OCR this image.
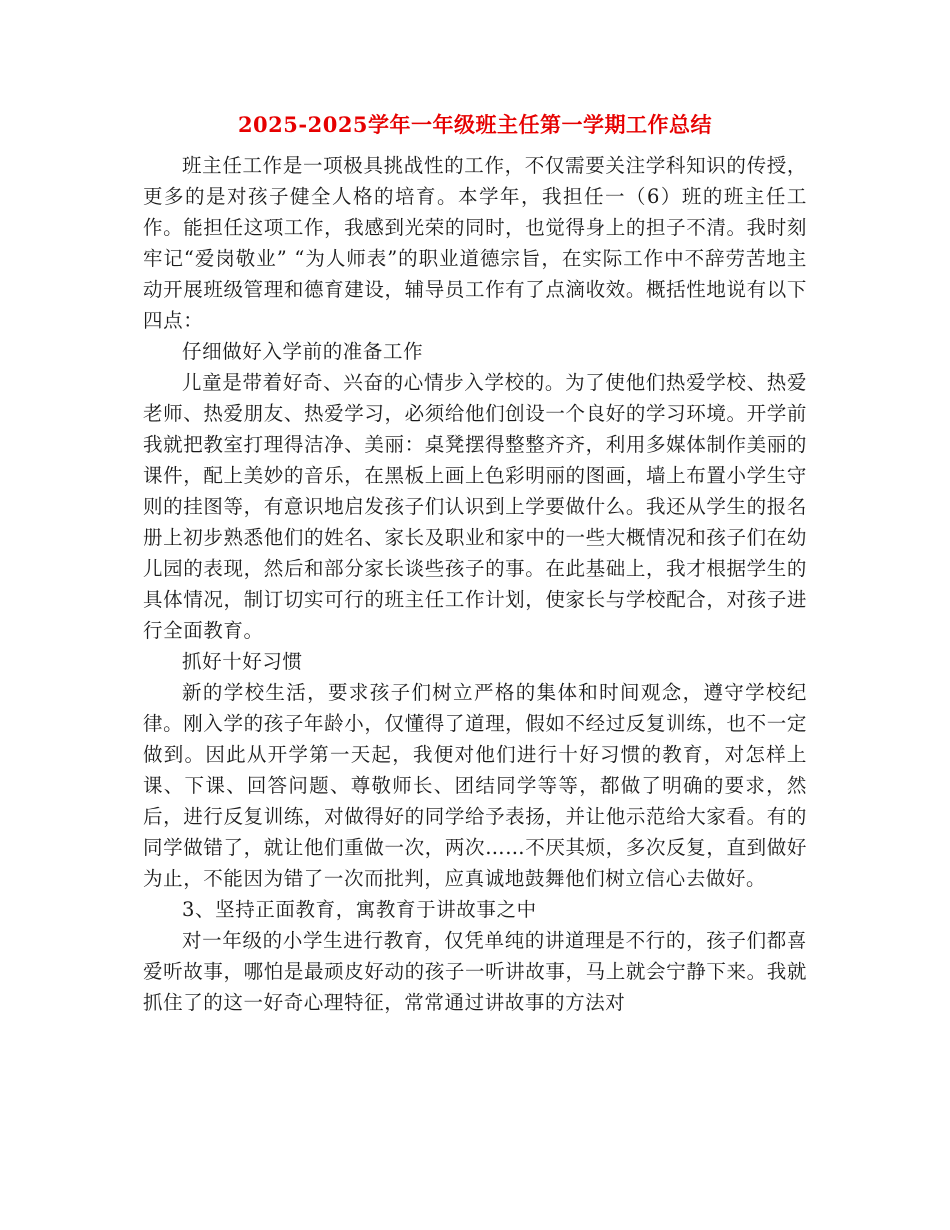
2025-2025学年一年级班主任第一学期工作总结

班主任工作是一项极具挑战性的工作，不仅需要关注学科知识的传授，更多的是对孩子健全人格的培育。本学年，我担任一（6）班的班主任工作。能担任这项工作，我感到光荣的同时，也觉得身上的担子不清。我时刻牢记“爱岗敬业” “为人师表”的职业道德宗旨，在实际工作中不辞劳苦地主动开展班级管理和德育建设，辅导员工作有了点滴收效。概括性地说有以下四点：

仔细做好入学前的准备工作

儿童是带着好奇、兴奋的心情步入学校的。为了使他们热爱学校、热爱老师、热爱朋友、热爱学习，必须给他们创设一个良好的学习环境。开学前我就把教室打理得洁净、美丽：桌凳摆得整整齐齐，利用多媒体制作美丽的课件，配上美妙的音乐，在黑板上画上色彩明丽的图画，墙上布置小学生守则的挂图等，有意识地启发孩子们认识到上学要做什么。我还从学生的报名册上初步熟悉他们的姓名、家长及职业和家中的一些大概情况和孩子们在幼儿园的表现，然后和部分家长谈些孩子的事。在此基础上，我才根据学生的具体情况，制订切实可行的班主任工作计划，使家长与学校配合，对孩子进行全面教育。

抓好十好习惯

新的学校生活，要求孩子们树立严格的集体和时间观念，遵守学校纪律。刚入学的孩子年龄小，仅懂得了道理，假如不经过反复训练，也不一定做到。因此从开学第一天起，我便对他们进行十好习惯的教育，对怎样上课、下课、回答问题、尊敬师长、团结同学等等，都做了明确的要求，然后，进行反复训练，对做得好的同学给予表扬，并让他示范给大家看。有的同学做错了，就让他们重做一次，两次……不厌其烦，多次反复，直到做好为止，不能因为错了一次而批判，应真诚地鼓舞他们树立信心去做好。

3、坚持正面教育，寓教育于讲故事之中

对一年级的小学生进行教育，仅凭单纯的讲道理是不行的，孩子们都喜爱听故事，哪怕是最顽皮好动的孩子一听讲故事，马上就会宁静下来。我就抓住了的这一好奇心理特征，常常通过讲故事的方法对
